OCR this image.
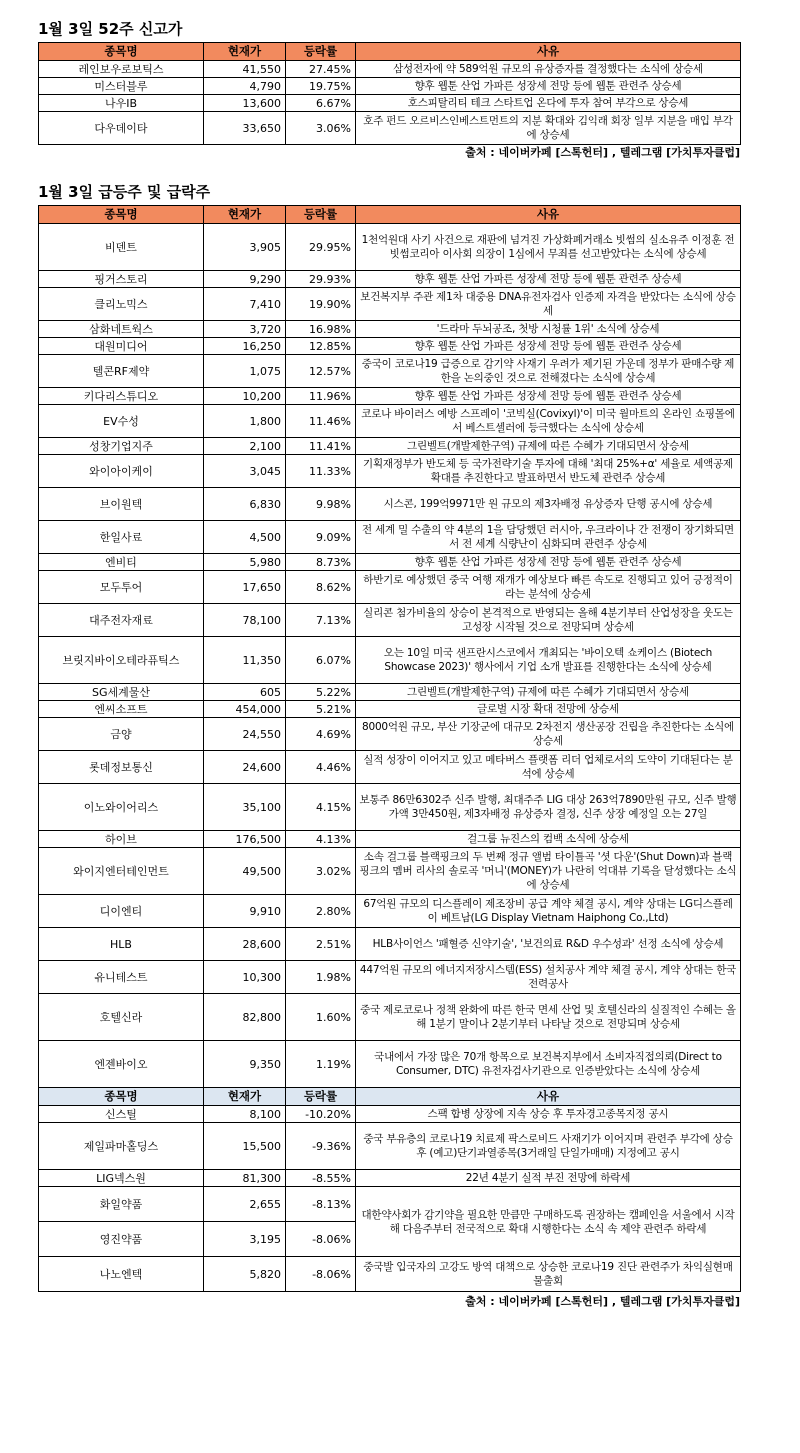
1월 3일 52주 신고가
종목명	현재가	등락률	사유
레인보우로보틱스	41,550	27.45%	삼성전자에 약 589억원 규모의 유상증자를 결정했다는 소식에 상승세
미스터블루	4,790	19.75%	향후 웹툰 산업 가파른 성장세 전망 등에 웹툰 관련주 상승세
나우IB	13,600	6.67%	호스피탈리티 테크 스타트업 온다에 투자 참여 부각으로 상승세
다우데이타	33,650	3.06%	호주 펀드 오르비스인베스트먼트의 지분 확대와 김익래 회장 일부 지분을 매입 부각에 상승세
출처 : 네이버카페 [스톡헌터] , 텔레그램 [가치투자클럽]
1월 3일 급등주 및 급락주
종목명	현재가	등락률	사유
비덴트	3,905	29.95%	1천억원대 사기 사건으로 재판에 넘겨진 가상화폐거래소 빗썸의 실소유주 이정훈 전 빗썸코리아 이사회 의장이 1심에서 무죄를 선고받았다는 소식에 상승세
핑거스토리	9,290	29.93%	향후 웹툰 산업 가파른 성장세 전망 등에 웹툰 관련주 상승세
클리노믹스	7,410	19.90%	보건복지부 주관 제1차 대중용 DNA유전자검사 인증제 자격을 받았다는 소식에 상승세
삼화네트웍스	3,720	16.98%	'드라마 두뇌공조, 첫방 시청률 1위' 소식에 상승세
대원미디어	16,250	12.85%	향후 웹툰 산업 가파른 성장세 전망 등에 웹툰 관련주 상승세
텔콘RF제약	1,075	12.57%	중국이 코로나19 급증으로 감기약 사재기 우려가 제기된 가운데 정부가 판매수량 제한을 논의중인 것으로 전해졌다는 소식에 상승세
키다리스튜디오	10,200	11.96%	향후 웹툰 산업 가파른 성장세 전망 등에 웹툰 관련주 상승세
EV수성	1,800	11.46%	코로나 바이러스 예방 스프레이 '코빅실(Covixyl)'이 미국 월마트의 온라인 쇼핑몰에서 베스트셀러에 등극했다는 소식에 상승세
성창기업지주	2,100	11.41%	그린벨트(개발제한구역) 규제에 따른 수혜가 기대되면서 상승세
와이아이케이	3,045	11.33%	기획재정부가 반도체 등 국가전략기술 투자에 대해 '최대 25%+α' 세율로 세액공제 확대를 추진한다고 발표하면서 반도체 관련주 상승세
브이원텍	6,830	9.98%	시스콘, 199억9971만 원 규모의 제3자배정 유상증자 단행 공시에 상승세
한일사료	4,500	9.09%	전 세계 밀 수출의 약 4분의 1을 담당했던 러시아, 우크라이나 간 전쟁이 장기화되면서 전 세계 식량난이 심화되며 관련주 상승세
엔비티	5,980	8.73%	향후 웹툰 산업 가파른 성장세 전망 등에 웹툰 관련주 상승세
모두투어	17,650	8.62%	하반기로 예상했던 중국 여행 재개가 예상보다 빠른 속도로 진행되고 있어 긍정적이라는 분석에 상승세
대주전자재료	78,100	7.13%	실리콘 첨가비율의 상승이 본격적으로 반영되는 올해 4분기부터 산업성장을 웃도는 고성장 시작될 것으로 전망되며 상승세
브릿지바이오테라퓨틱스	11,350	6.07%	오는 10일 미국 샌프란시스코에서 개최되는 '바이오텍 쇼케이스 (Biotech Showcase 2023)' 행사에서 기업 소개 발표를 진행한다는 소식에 상승세
SG세계물산	605	5.22%	그린벨트(개발제한구역) 규제에 따른 수혜가 기대되면서 상승세
엔씨소프트	454,000	5.21%	글로벌 시장 확대 전망에 상승세
금양	24,550	4.69%	8000억원 규모, 부산 기장군에 대규모 2차전지 생산공장 건립을 추진한다는 소식에 상승세
롯데정보통신	24,600	4.46%	실적 성장이 이어지고 있고 메타버스 플랫폼 리더 업체로서의 도약이 기대된다는 분석에 상승세
이노와이어리스	35,100	4.15%	보통주 86만6302주 신주 발행, 최대주주 LIG 대상 263억7890만원 규모, 신주 발행가액 3만450원, 제3자배정 유상증자 결정, 신주 상장 예정일 오는 27일
하이브	176,500	4.13%	걸그룹 뉴진스의 컴백 소식에 상승세
와이지엔터테인먼트	49,500	3.02%	소속 걸그룹 블랙핑크의 두 번째 정규 앨범 타이틀곡 '셧 다운'(Shut Down)과 블랙핑크의 멤버 리사의 솔로곡 '머니'(MONEY)가 나란히 억대뷰 기록을 달성했다는 소식에 상승세
디이엔티	9,910	2.80%	67억원 규모의 디스플레이 제조장비 공급 계약 체결 공시, 계약 상대는 LG디스플레이 베트남(LG Display Vietnam Haiphong Co.,Ltd)
HLB	28,600	2.51%	HLB사이언스 '패혈증 신약기술', '보건의료 R&D 우수성과' 선정 소식에 상승세
유니테스트	10,300	1.98%	447억원 규모의 에너지저장시스템(ESS) 설치공사 계약 체결 공시, 계약 상대는 한국전력공사
호텔신라	82,800	1.60%	중국 제로코로나 정책 완화에 따른 한국 면세 산업 및 호텔신라의 실질적인 수혜는 올해 1분기 말이나 2분기부터 나타날 것으로 전망되며 상승세
엔젠바이오	9,350	1.19%	국내에서 가장 많은 70개 항목으로 보건복지부에서 소비자직접의뢰(Direct to Consumer, DTC) 유전자검사기관으로 인증받았다는 소식에 상승세
종목명	현재가	등락률	사유
신스틸	8,100	-10.20%	스팩 합병 상장에 지속 상승 후 투자경고종목지정 공시
제일파마홀딩스	15,500	-9.36%	중국 부유층의 코로나19 치료제 팍스로비드 사재기가 이어지며 관련주 부각에 상승 후 (예고)단기과열종목(3거래일 단일가매매) 지정예고 공시
LIG넥스원	81,300	-8.55%	22년 4분기 실적 부진 전망에 하락세
화일약품	2,655	-8.13%	대한약사회가 감기약을 필요한 만큼만 구매하도록 권장하는 캠페인을 서울에서 시작해 다음주부터 전국적으로 확대 시행한다는 소식 속 제약 관련주 하락세
영진약품	3,195	-8.06%	
나노엔텍	5,820	-8.06%	중국발 입국자의 고강도 방역 대책으로 상승한 코로나19 진단 관련주가 차익실현매물출회
출처 : 네이버카페 [스톡헌터] , 텔레그램 [가치투자클럽]
